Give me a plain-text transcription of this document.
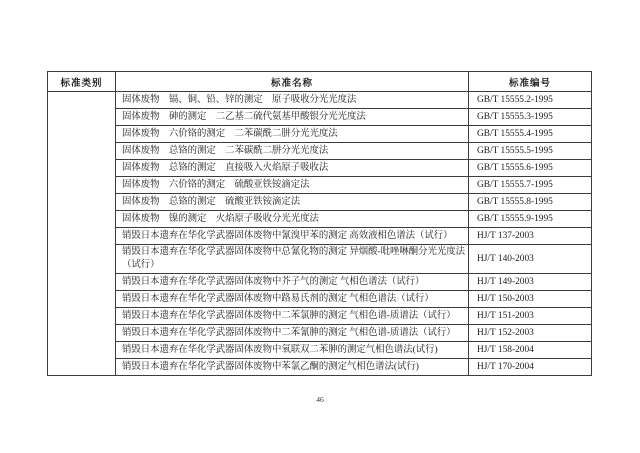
标准类别	标准名称	标准编号
	固体废物　镉、铜、铅、锌的测定　原子吸收分光光度法	GB/T 15555.2-1995
	固体废物　砷的测定　二乙基二硫代氨基甲酸银分光光度法	GB/T 15555.3-1995
	固体废物　六价铬的测定　二苯碳酰二肼分光光度法	GB/T 15555.4-1995
	固体废物　总铬的测定　二苯碳酰二肼分光光度法	GB/T 15555.5-1995
	固体废物　总铬的测定　直接吸入火焰原子吸收法	GB/T 15555.6-1995
	固体废物　六价铬的测定　硫酸亚铁铵滴定法	GB/T 15555.7-1995
	固体废物　总铬的测定　硫酸亚铁铵滴定法	GB/T 15555.8-1995
	固体废物　镍的测定　火焰原子吸收分光光度法	GB/T 15555.9-1995
	销毁日本遗弃在华化学武器固体废物中氰溴甲苯的测定 高效液相色谱法（试行）	HJ/T 137-2003
	销毁日本遗弃在华化学武器固体废物中总氰化物的测定 异烟酸-吡唑啉酮分光光度法（试行）	HJ/T 140-2003
	销毁日本遗弃在华化学武器固体废物中芥子气的测定 气相色谱法（试行）	HJ/T 149-2003
	销毁日本遗弃在华化学武器固体废物中路易氏剂的测定 气相色谱法（试行）	HJ/T 150-2003
	销毁日本遗弃在华化学武器固体废物中二苯氯胂的测定 气相色谱-质谱法（试行）	HJ/T 151-2003
	销毁日本遗弃在华化学武器固体废物中二苯氰胂的测定 气相色谱-质谱法（试行）	HJ/T 152-2003
	销毁日本遗弃在华化学武器固体废物中氧联双二苯胂的测定气相色谱法(试行)	HJ/T 158-2004
	销毁日本遗弃在华化学武器固体废物中苯氯乙酮的测定气相色谱法(试行)	HJ/T 170-2004
46
